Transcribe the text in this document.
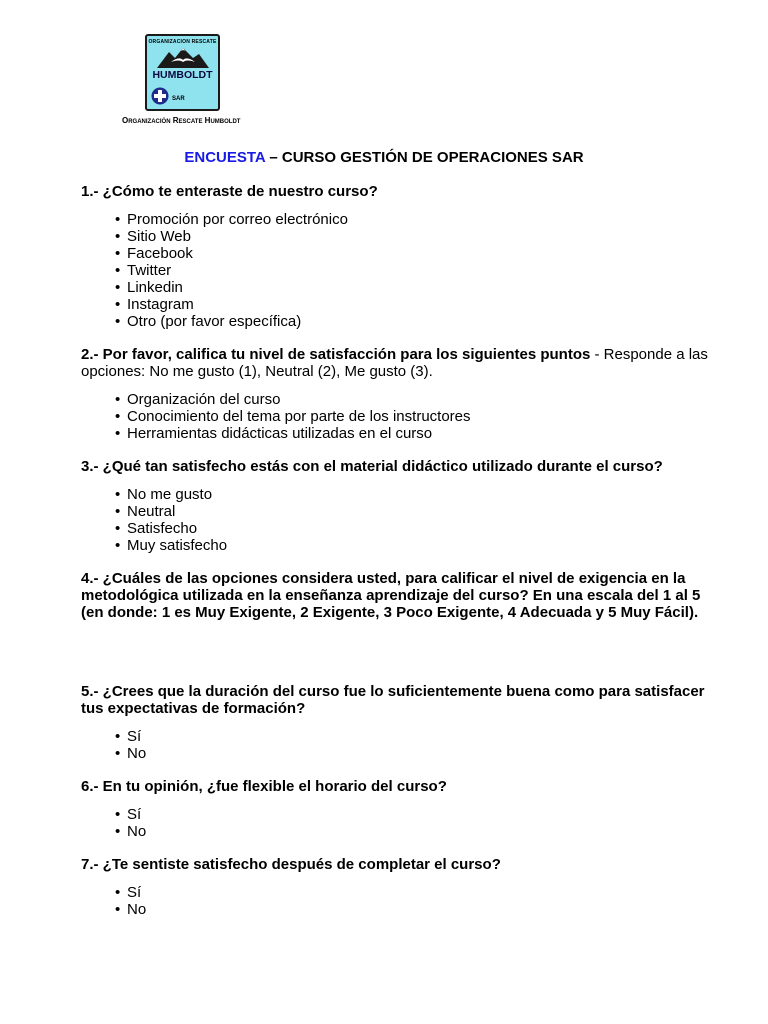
ORGANIZACION RESCATE
HUMBOLDT
SAR
Organización Rescate Humboldt
ENCUESTA – CURSO GESTIÓN DE OPERACIONES SAR

1.- ¿Cómo te enteraste de nuestro curso?

• Promoción por correo electrónico
• Sitio Web
• Facebook
• Twitter
• Linkedin
• Instagram
• Otro (por favor específica)

2.- Por favor, califica tu nivel de satisfacción para los siguientes puntos - Responde a las opciones: No me gusto (1), Neutral (2), Me gusto (3).

• Organización del curso
• Conocimiento del tema por parte de los instructores
• Herramientas didácticas utilizadas en el curso

3.- ¿Qué tan satisfecho estás con el material didáctico utilizado durante el curso?

• No me gusto
• Neutral
• Satisfecho
• Muy satisfecho

4.- ¿Cuáles de las opciones considera usted, para calificar el nivel de exigencia en la metodológica utilizada en la enseñanza aprendizaje del curso? En una escala del 1 al 5 (en donde: 1 es Muy Exigente, 2 Exigente, 3 Poco Exigente, 4 Adecuada y 5 Muy Fácil).

5.- ¿Crees que la duración del curso fue lo suficientemente buena como para satisfacer tus expectativas de formación?

• Sí
• No

6.- En tu opinión, ¿fue flexible el horario del curso?

• Sí
• No

7.- ¿Te sentiste satisfecho después de completar el curso?

• Sí
• No
